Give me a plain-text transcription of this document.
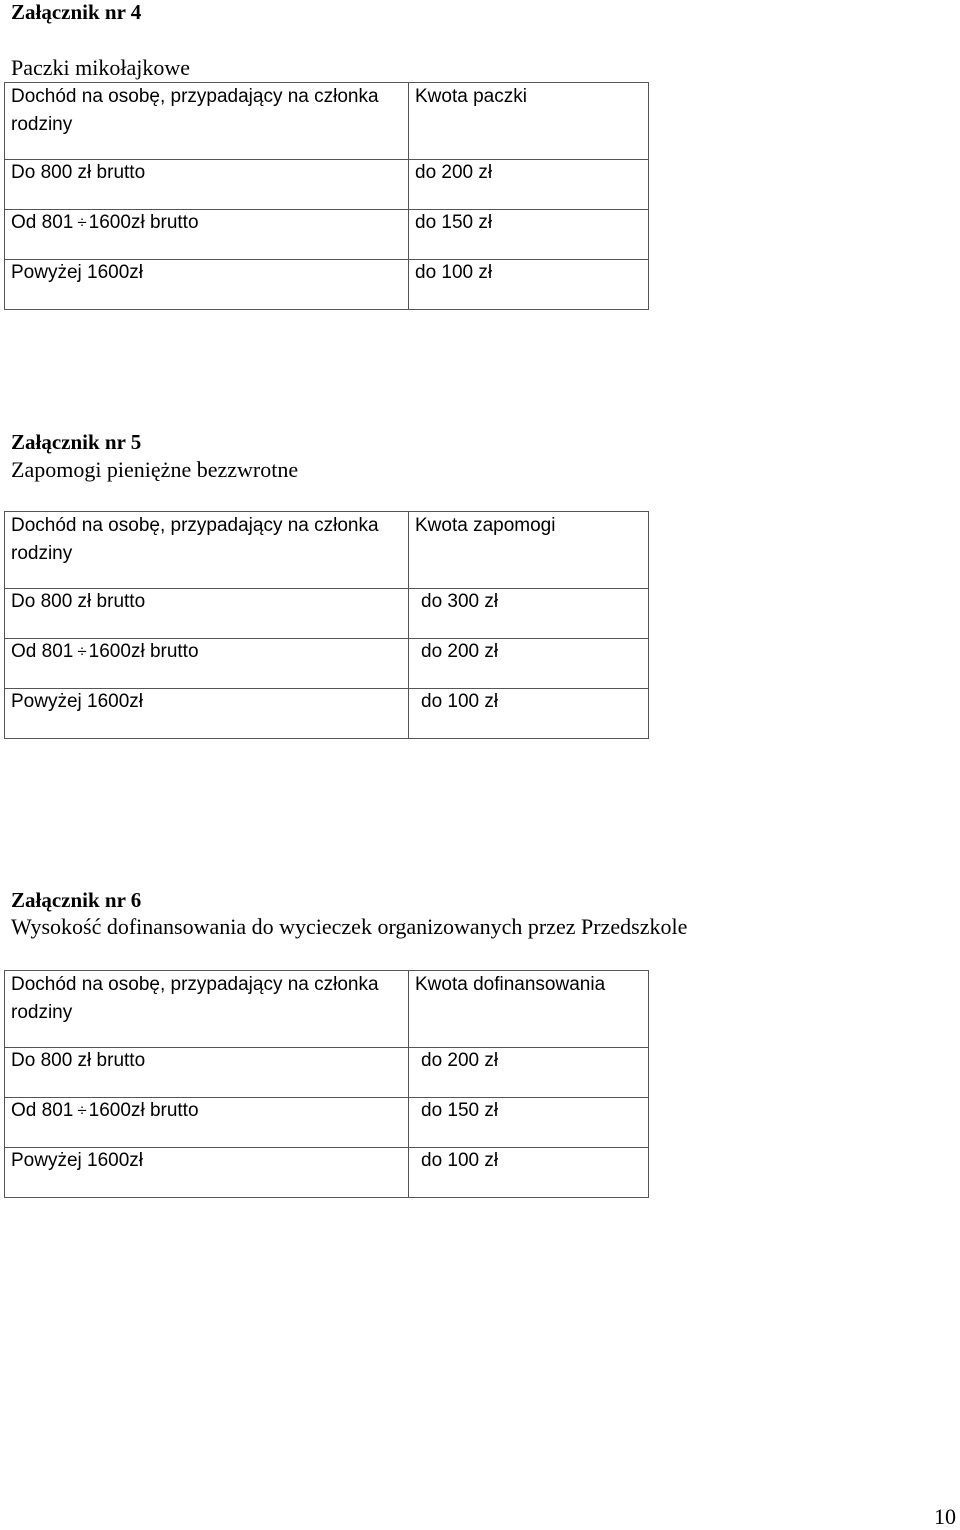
Załącznik nr 4
Paczki mikołajkowe
Dochód na osobę, przypadający na członka rodziny	Kwota paczki

Do 800 zł brutto	do 200 zł

Od 801 ÷ 1600zł brutto	do 150 zł

Powyżej 1600zł	do 100 zł
Załącznik nr 5
Zapomogi pieniężne bezzwrotne
Dochód na osobę, przypadający na członka rodziny	Kwota zapomogi

Do 800 zł brutto	do 300 zł

Od 801 ÷ 1600zł brutto	do 200 zł

Powyżej 1600zł	do 100 zł
Załącznik nr 6
Wysokość dofinansowania do wycieczek organizowanych przez Przedszkole
Dochód na osobę, przypadający na członka rodziny	Kwota dofinansowania

Do 800 zł brutto	do 200 zł

Od 801 ÷ 1600zł brutto	do 150 zł

Powyżej 1600zł	do 100 zł
10
